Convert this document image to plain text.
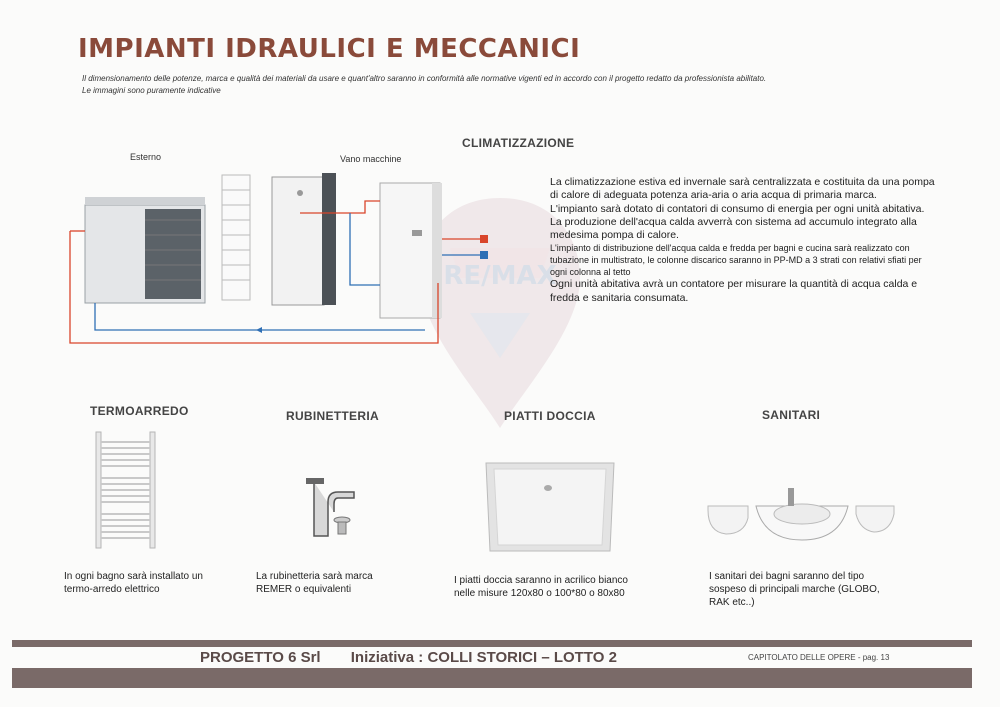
IMPIANTI IDRAULICI E MECCANICI
Il dimensionamento delle potenze, marca e qualità dei materiali da usare e quant'altro saranno in conformità alle normative vigenti ed in accordo con il progetto redatto da professionista abilitato.
Le immagini sono puramente indicative
RE/MAX
CLIMATIZZAZIONE
Esterno	Vano macchine

La climatizzazione estiva ed invernale sarà centralizzata e costituita da una pompa di calore di adeguata potenza aria-aria o aria acqua di primaria marca.

L'impianto sarà dotato di contatori di consumo di energia per ogni unità abitativa.

La produzione dell'acqua calda avverrà con sistema ad accumulo integrato alla medesima pompa di calore.

L'impianto di distribuzione dell'acqua calda e fredda per bagni e cucina sarà realizzato con tubazione in multistrato, le colonne discarico saranno in PP-MD a 3 strati con relativi sfiati per ogni colonna al tetto

Ogni unità abitativa avrà un contatore per misurare la quantità di acqua calda e fredda e sanitaria consumata.

TERMOARREDO
In ogni bagno sarà installato un termo-arredo elettrico
RUBINETTERIA
La rubinetteria sarà marca REMER o equivalenti
PIATTI DOCCIA
I piatti doccia saranno in acrilico bianco nelle misure 120x80 o 100*80 o 80x80
SANITARI
I sanitari dei bagni saranno del tipo sospeso di principali marche (GLOBO, RAK etc..)
PROGETTO 6 Srl Iniziativa : COLLI STORICI – LOTTO 2	CAPITOLATO DELLE OPERE - pag. 13
